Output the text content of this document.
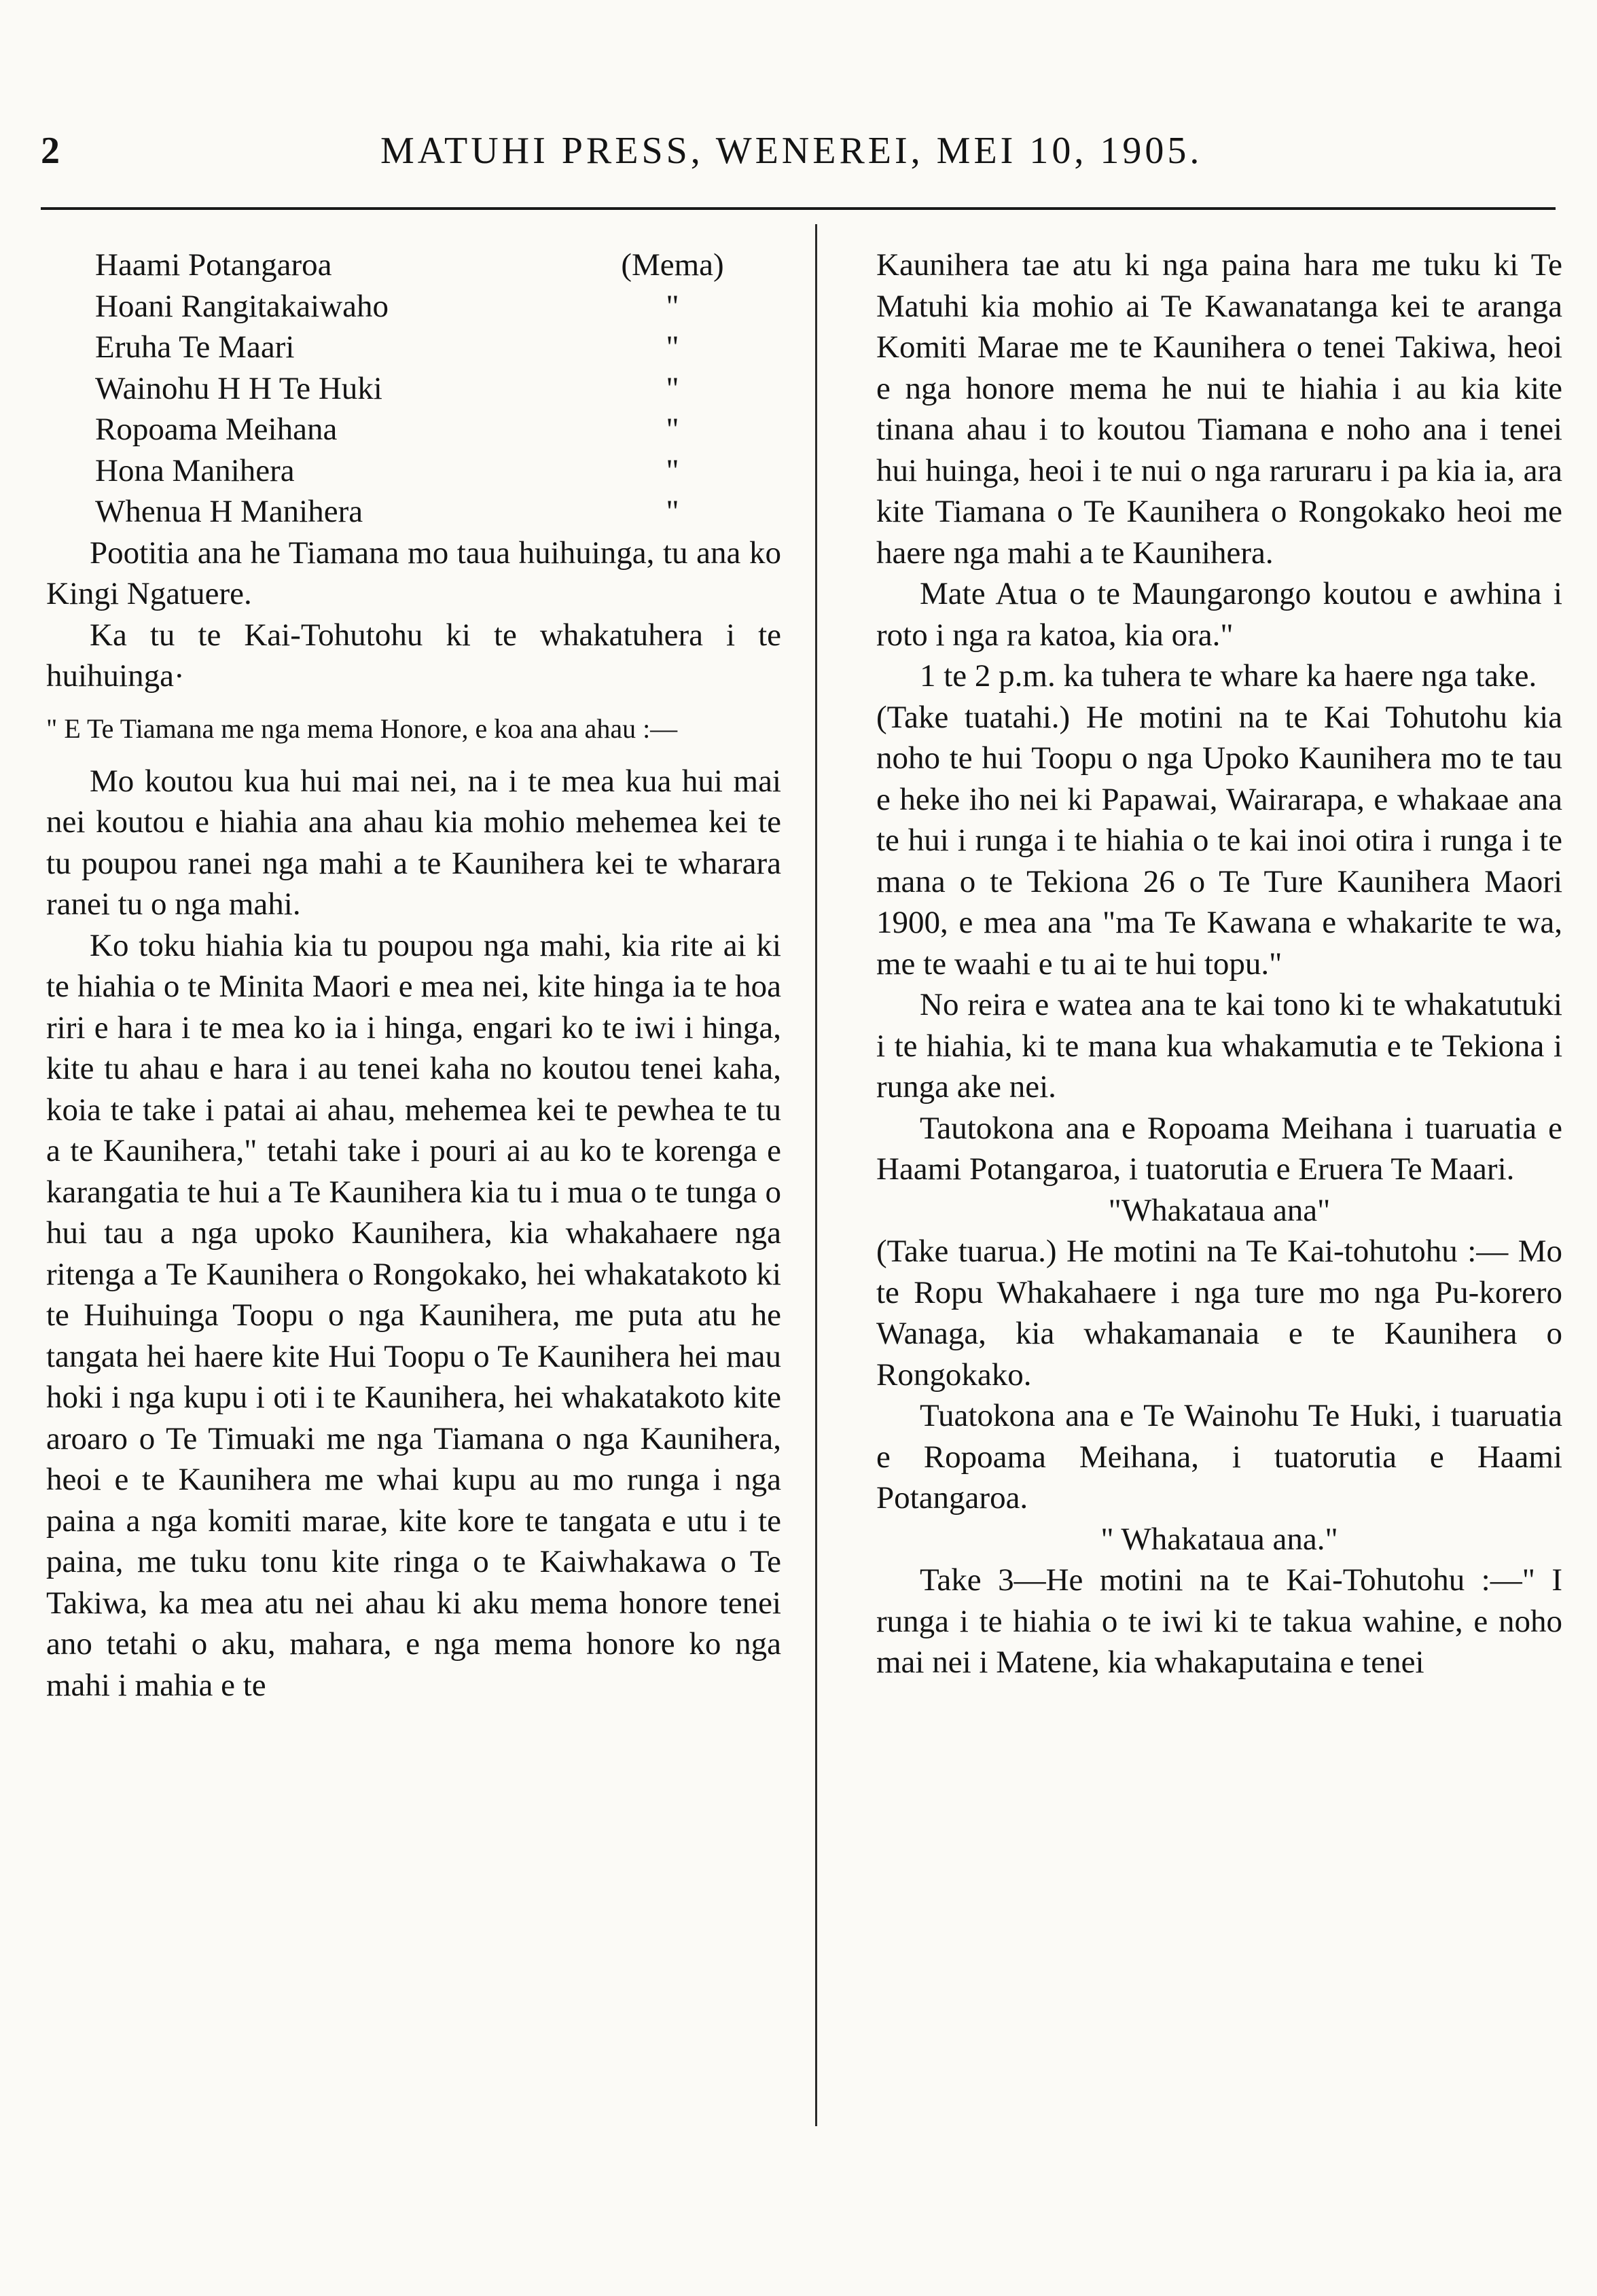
2	MATUHI PRESS, WENEREI, MEI 10, 1905.
Haami Potangaroa	(Mema)
Hoani Rangitakaiwaho	"
Eruha Te Maari	"
Wainohu H H Te Huki	"
Ropoama Meihana	"
Hona Manihera	"
Whenua H Manihera	"

Pootitia ana he Tiamana mo taua huihuinga, tu ana ko Kingi Ngatuere.

Ka tu te Kai-Tohutohu ki te whakatuhera i te huihuinga·

" E Te Tiamana me nga mema Honore, e koa ana ahau :—

Mo koutou kua hui mai nei, na i te mea kua hui mai nei koutou e hiahia ana ahau kia mohio mehemea kei te tu poupou ranei nga mahi a te Kaunihera kei te wharara ranei tu o nga mahi.

Ko toku hiahia kia tu poupou nga mahi, kia rite ai ki te hiahia o te Minita Maori e mea nei, kite hinga ia te hoa riri e hara i te mea ko ia i hinga, engari ko te iwi i hinga, kite tu ahau e hara i au tenei kaha no koutou tenei kaha, koia te take i patai ai ahau, mehemea kei te pewhea te tu a te Kaunihera," tetahi take i pouri ai au ko te korenga e karangatia te hui a Te Kaunihera kia tu i mua o te tunga o hui tau a nga upoko Kaunihera, kia whakahaere nga ritenga a Te Kaunihera o Rongokako, hei whakatakoto ki te Huihuinga Toopu o nga Kaunihera, me puta atu he tangata hei haere kite Hui Toopu o Te Kaunihera hei mau hoki i nga kupu i oti i te Kaunihera, hei whakatakoto kite aroaro o Te Timuaki me nga Tiamana o nga Kaunihera, heoi e te Kaunihera me whai kupu au mo runga i nga paina a nga komiti marae, kite kore te tangata e utu i te paina, me tuku tonu kite ringa o te Kaiwhakawa o Te Takiwa, ka mea atu nei ahau ki aku mema honore tenei ano tetahi o aku, mahara, e nga mema honore ko nga mahi i mahia e te

Kaunihera tae atu ki nga paina hara me tuku ki Te Matuhi kia mohio ai Te Kawanatanga kei te aranga Komiti Marae me te Kaunihera o tenei Takiwa, heoi e nga honore mema he nui te hiahia i au kia kite tinana ahau i to koutou Tiamana e noho ana i tenei hui huinga, heoi i te nui o nga raruraru i pa kia ia, ara kite Tiamana o Te Kaunihera o Rongokako heoi me haere nga mahi a te Kaunihera.

Mate Atua o te Maungarongo koutou e awhina i roto i nga ra katoa, kia ora."

1 te 2 p.m. ka tuhera te whare ka haere nga take.

(Take tuatahi.) He motini na te Kai Tohutohu kia noho te hui Toopu o nga Upoko Kaunihera mo te tau e heke iho nei ki Papawai, Wairarapa, e whakaae ana te hui i runga i te hiahia o te kai inoi otira i runga i te mana o te Tekiona 26 o Te Ture Kaunihera Maori 1900, e mea ana "ma Te Kawana e whakarite te wa, me te waahi e tu ai te hui topu."

No reira e watea ana te kai tono ki te whakatutuki i te hiahia, ki te mana kua whakamutia e te Tekiona i runga ake nei.

Tautokona ana e Ropoama Meihana i tuaruatia e Haami Potangaroa, i tuatorutia e Eruera Te Maari.

"Whakataua ana"

(Take tuarua.) He motini na Te Kai-tohutohu :— Mo te Ropu Whakahaere i nga ture mo nga Pu-korero Wanaga, kia whakamanaia e te Kaunihera o Rongokako.

Tuatokona ana e Te Wainohu Te Huki, i tuaruatia e Ropoama Meihana, i tuatorutia e Haami Potangaroa.

" Whakataua ana."

Take 3—He motini na te Kai-Tohutohu :—" I runga i te hiahia o te iwi ki te takua wahine, e noho mai nei i Matene, kia whakaputaina e tenei
